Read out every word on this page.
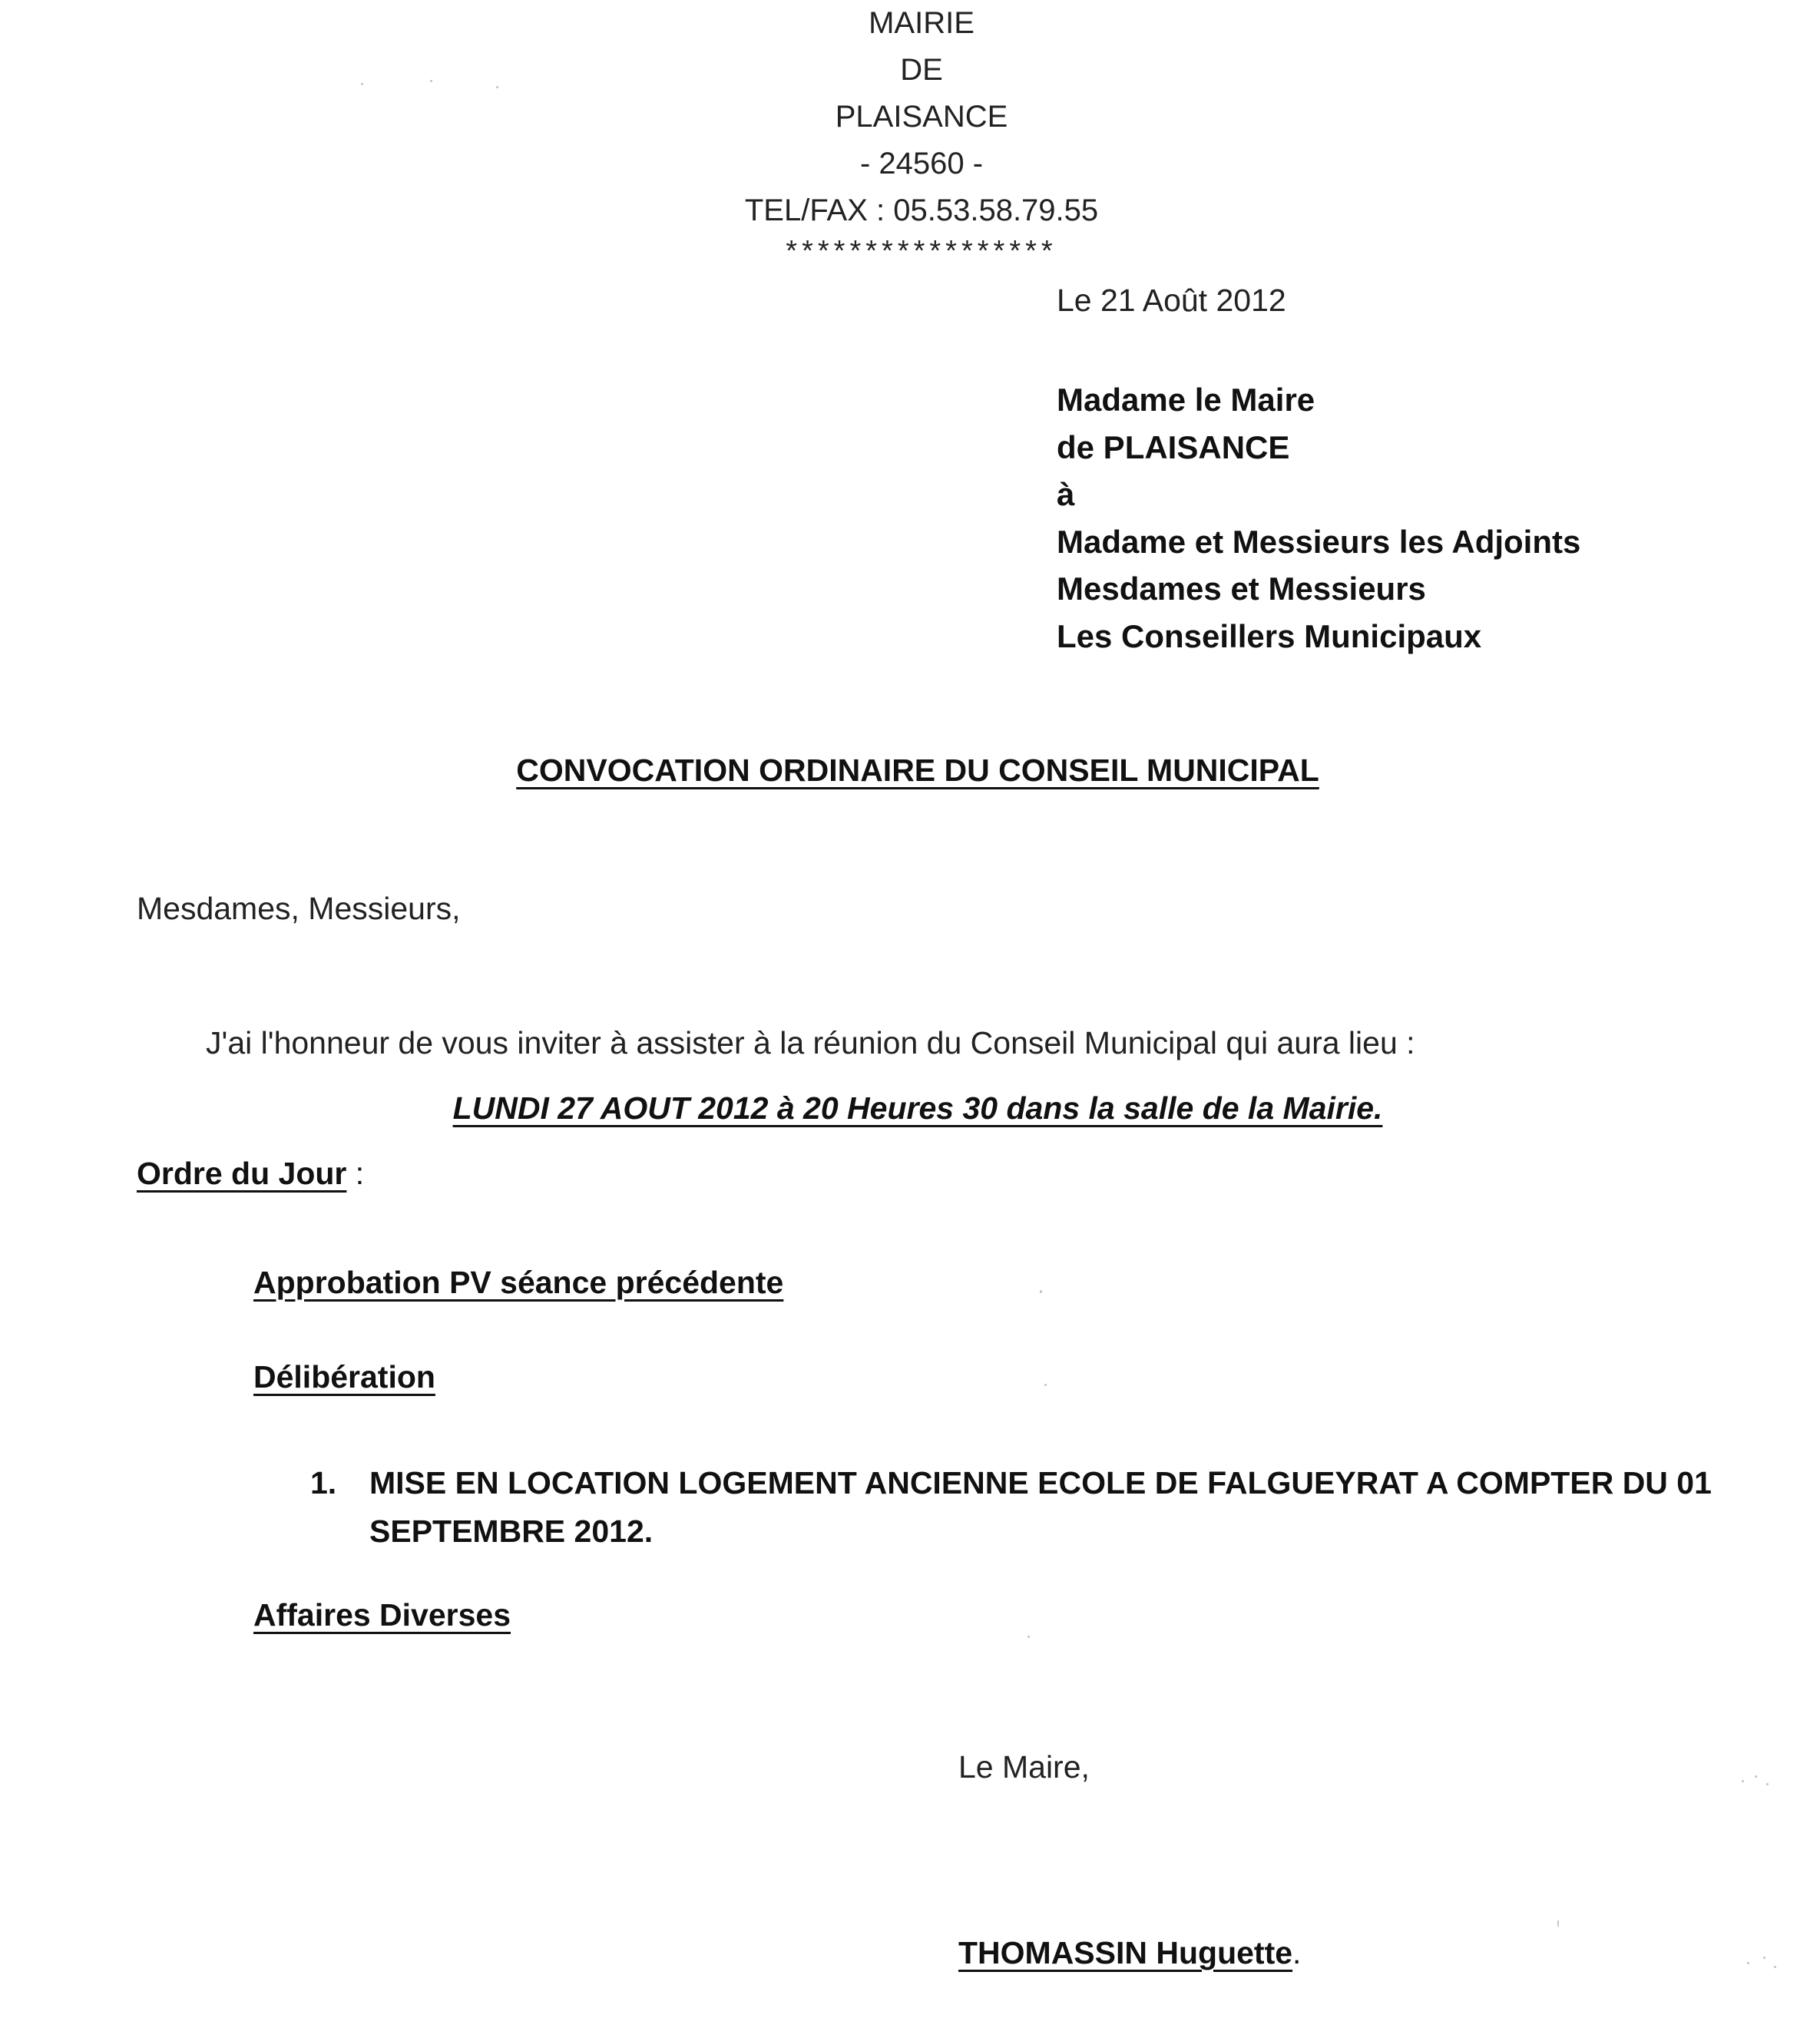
MAIRIE
DE
PLAISANCE
- 24560 -
TEL/FAX : 05.53.58.79.55
*****************
Le 21 Août 2012
Madame le Maire
de PLAISANCE
à
Madame et Messieurs les Adjoints
Mesdames et Messieurs
Les Conseillers Municipaux
CONVOCATION ORDINAIRE DU CONSEIL MUNICIPAL
Mesdames, Messieurs,
J'ai l'honneur de vous inviter à assister à la réunion du Conseil Municipal qui aura lieu :
LUNDI 27 AOUT 2012 à 20 Heures 30 dans la salle de la Mairie.
Ordre du Jour :
Approbation PV séance précédente
Délibération
1. MISE EN LOCATION LOGEMENT ANCIENNE ECOLE DE FALGUEYRAT A COMPTER DU 01 SEPTEMBRE 2012.
Affaires Diverses
Le Maire,
THOMASSIN Huguette.
